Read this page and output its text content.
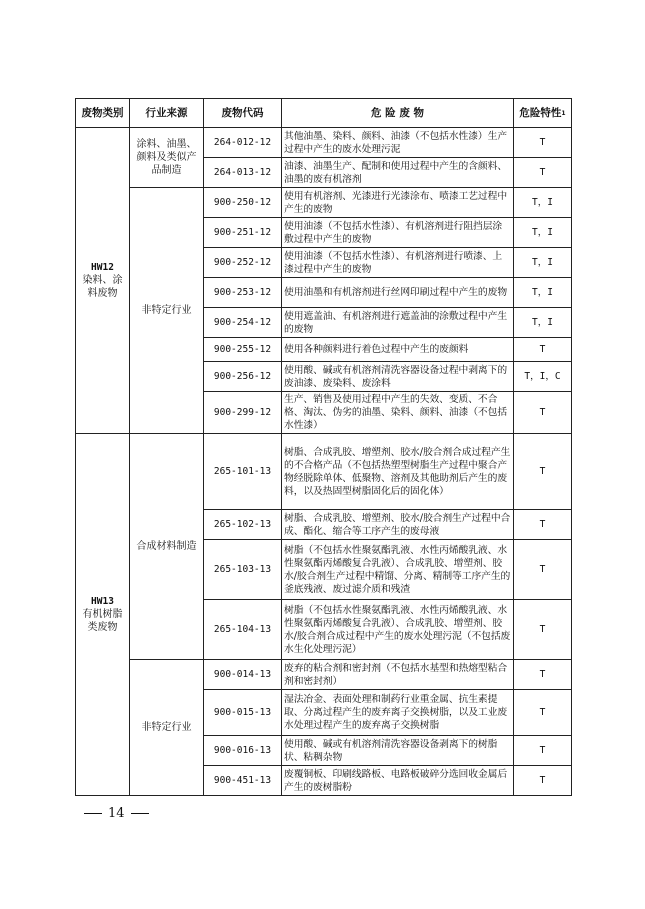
废物类别	行业来源	废物代码	危 险 废 物	危险特性$^1$

HW12
染料、涂料废物	涂料、油墨、颜料及类似产品制造	264-012-12	其他油墨、染料、颜料、油漆（不包括水性漆）生产过程中产生的废水处理污泥	T
		264-013-12	油漆、油墨生产、配制和使用过程中产生的含颜料、油墨的废有机溶剂	T
	非特定行业	900-250-12	使用有机溶剂、光漆进行光漆涂布、喷漆工艺过程中产生的废物	T，I
		900-251-12	使用油漆（不包括水性漆）、有机溶剂进行阻挡层涂敷过程中产生的废物	T，I
		900-252-12	使用油漆（不包括水性漆）、有机溶剂进行喷漆、上漆过程中产生的废物	T，I
		900-253-12	使用油墨和有机溶剂进行丝网印刷过程中产生的废物	T，I
		900-254-12	使用遮盖油、有机溶剂进行遮盖油的涂敷过程中产生的废物	T，I
		900-255-12	使用各种颜料进行着色过程中产生的废颜料	T
		900-256-12	使用酸、碱或有机溶剂清洗容器设备过程中剥离下的废油漆、废染料、废涂料	T，I，C
		900-299-12	生产、销售及使用过程中产生的失效、变质、不合格、淘汰、伪劣的油墨、染料、颜料、油漆（不包括水性漆）	T

HW13
有机树脂类废物	合成材料制造	265-101-13	树脂、合成乳胶、增塑剂、胶水/胶合剂合成过程产生的不合格产品（不包括热塑型树脂生产过程中聚合产物经脱除单体、低聚物、溶剂及其他助剂后产生的废料，以及热固型树脂固化后的固化体）	T
		265-102-13	树脂、合成乳胶、增塑剂、胶水/胶合剂生产过程中合成、酯化、缩合等工序产生的废母液	T
		265-103-13	树脂（不包括水性聚氨酯乳液、水性丙烯酸乳液、水性聚氨酯丙烯酸复合乳液）、合成乳胶、增塑剂、胶水/胶合剂生产过程中精馏、分离、精制等工序产生的釜底残液、废过滤介质和残渣	T
		265-104-13	树脂（不包括水性聚氨酯乳液、水性丙烯酸乳液、水性聚氨酯丙烯酸复合乳液）、合成乳胶、增塑剂、胶水/胶合剂合成过程中产生的废水处理污泥（不包括废水生化处理污泥）	T
	非特定行业	900-014-13	废弃的粘合剂和密封剂（不包括水基型和热熔型粘合剂和密封剂）	T
		900-015-13	湿法冶金、表面处理和制药行业重金属、抗生素提取、分离过程产生的废弃离子交换树脂，以及工业废水处理过程产生的废弃离子交换树脂	T
		900-016-13	使用酸、碱或有机溶剂清洗容器设备剥离下的树脂状、粘稠杂物	T
		900-451-13	废覆铜板、印刷线路板、电路板破碎分选回收金属后产生的废树脂粉	T
14
